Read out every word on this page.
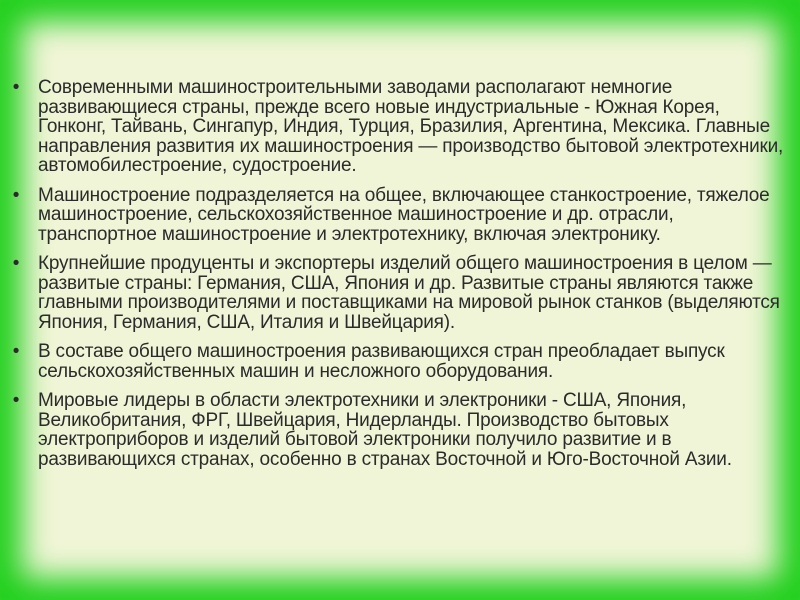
• Современными машиностроительными заводами располагают немногие развивающиеся страны, прежде всего новые индустриальные - Южная Корея, Гонконг, Тайвань, Сингапур, Индия, Турция, Бразилия, Аргентина, Мексика. Главные направления развития их машиностроения — производство бытовой электротехники, автомобилестроение, судостроение.
• Машиностроение подразделяется на общее, включающее станкостроение, тяжелое машиностроение, сельскохозяйственное машиностроение и др. отрасли, транспортное машиностроение и электротехнику, включая электронику.
• Крупнейшие продуценты и экспортеры изделий общего машиностроения в целом — развитые страны: Германия, США, Япония и др. Развитые страны являются также главными производителями и поставщиками на мировой рынок станков (выделяются Япония, Германия, США, Италия и Швейцария).
• В составе общего машиностроения развивающихся стран преобладает выпуск сельскохозяйственных машин и несложного оборудования.
• Мировые лидеры в области электротехники и электроники - США, Япония, Великобритания, ФРГ, Швейцария, Нидерланды. Производство бытовых электроприборов и изделий бытовой электроники получило развитие и в развивающихся странах, особенно в странах Восточной и Юго-Восточной Азии.
